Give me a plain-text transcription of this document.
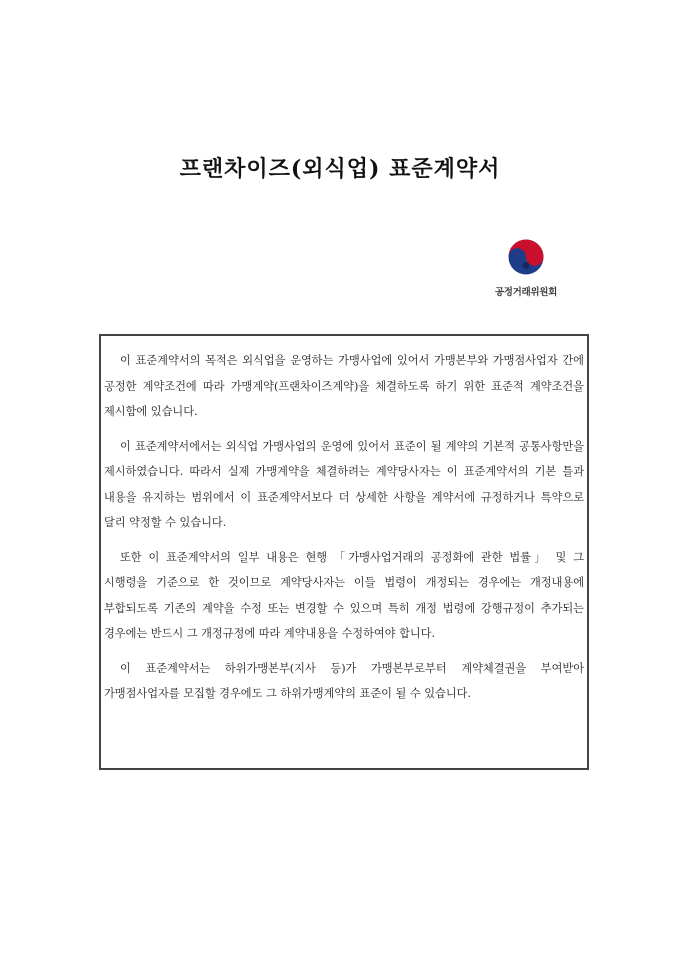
프랜차이즈(외식업) 표준계약서
공정거래위원회

이 표준계약서의 목적은 외식업을 운영하는 가맹사업에 있어서 가맹본부와 가맹점사업자 간에 공정한 계약조건에 따라 가맹계약(프랜차이즈계약)을 체결하도록 하기 위한 표준적 계약조건을 제시함에 있습니다.

이 표준계약서에서는 외식업 가맹사업의 운영에 있어서 표준이 될 계약의 기본적 공통사항만을 제시하였습니다. 따라서 실제 가맹계약을 체결하려는 계약당사자는 이 표준계약서의 기본 틀과 내용을 유지하는 범위에서 이 표준계약서보다 더 상세한 사항을 계약서에 규정하거나 특약으로 달리 약정할 수 있습니다.

또한 이 표준계약서의 일부 내용은 현행 「가맹사업거래의 공정화에 관한 법률」 및 그 시행령을 기준으로 한 것이므로 계약당사자는 이들 법령이 개정되는 경우에는 개정내용에 부합되도록 기존의 계약을 수정 또는 변경할 수 있으며 특히 개정 법령에 강행규정이 추가되는 경우에는 반드시 그 개정규정에 따라 계약내용을 수정하여야 합니다.

이 표준계약서는 하위가맹본부(지사 등)가 가맹본부로부터 계약체결권을 부여받아 가맹점사업자를 모집할 경우에도 그 하위가맹계약의 표준이 될 수 있습니다.
